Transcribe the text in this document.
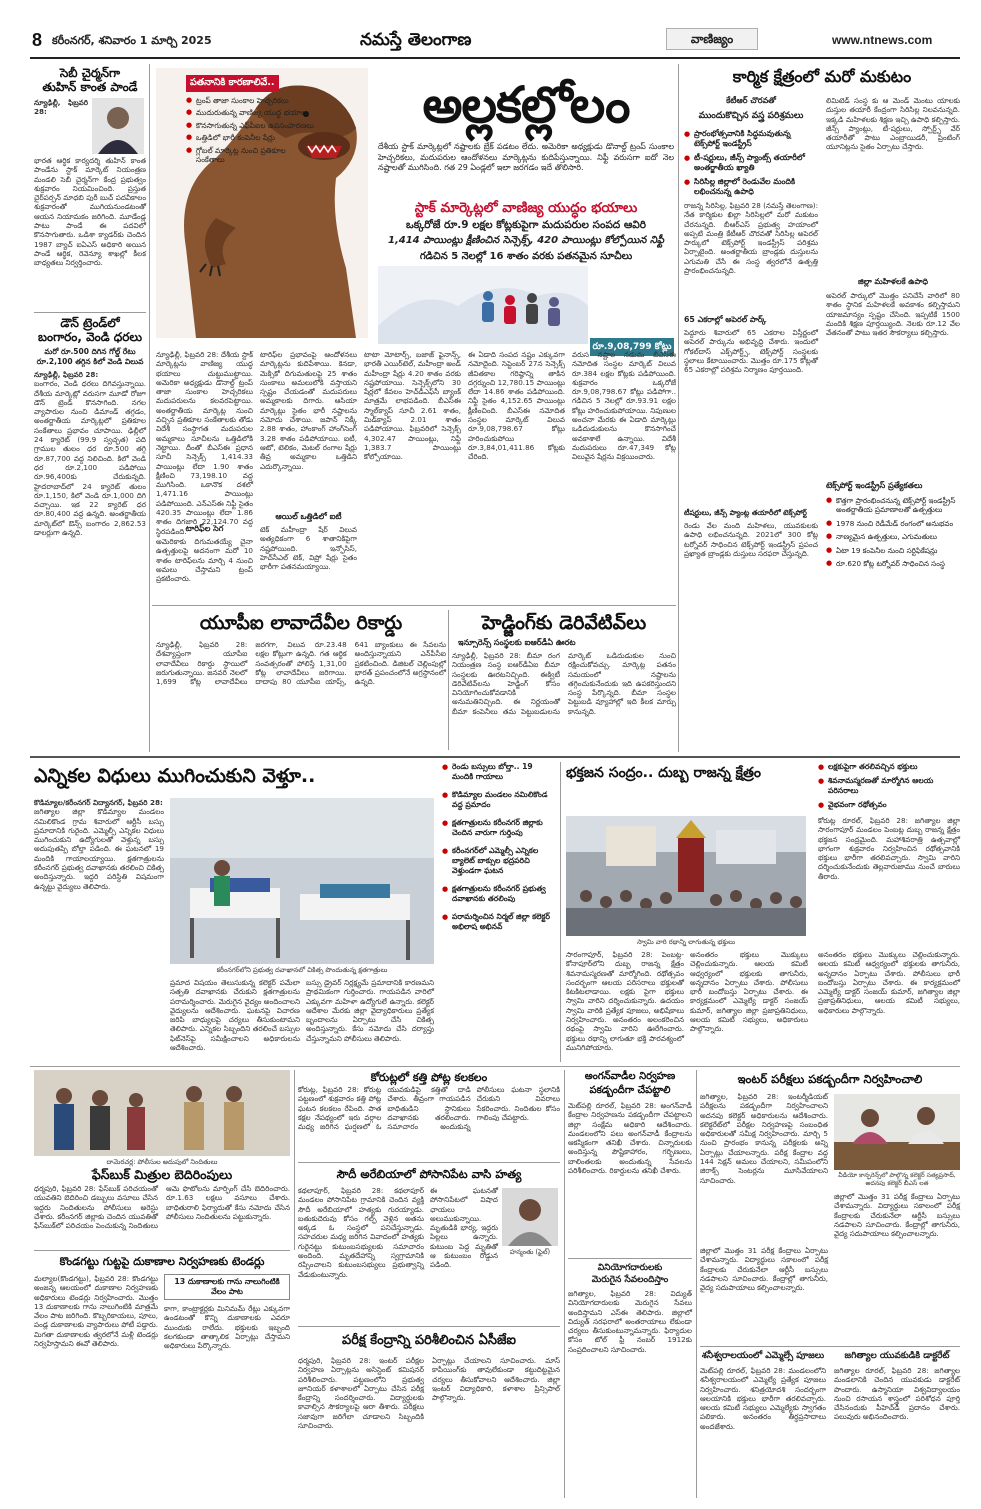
8 కరీంనగర్, శనివారం 1 మార్చి 2025	నమస్తే తెలంగాణ	వాణిజ్యం	www.ntnews.com
సెబీ చైర్మన్‌గా
తుహిన్ కాంత పాండే
న్యూఢిల్లీ, ఫిబ్రవరి 28:
భారత ఆర్థిక కార్యదర్శి తుహిన్ కాంత పాండేను స్టాక్ మార్కెట్ నియంత్రణ మండలి సెబీ చైర్మన్‌గా కేంద్ర ప్రభుత్వం శుక్రవారం నియమించింది. ప్రస్తుత చైర్‌పర్సన్ మాధబి పురీ బుచ్ పదవీకాలం శుక్రవారంతో ముగియనుండటంతో ఆయన నియామకం జరిగింది. మూడేండ్ల పాటు పాండే ఈ పదవిలో కొనసాగుతారు. ఒడిశా క్యాడర్‌కు చెందిన 1987 బ్యాచ్ ఐఏఎస్ అధికారి అయిన పాండే ఆర్థిక, రెవెన్యూ శాఖల్లో కీలక బాధ్యతలు నిర్వర్తించారు.
డౌన్ ట్రెండ్‌లో
బంగారం, వెండి ధరలు
మరో రూ.500 దిగిన గోల్డ్ రేటు
రూ.2,100 తగ్గిన కిలో వెండి విలువ
న్యూఢిల్లీ, ఫిబ్రవరి 28:
బంగారం, వెండి ధరలు దిగివస్తున్నాయి. దేశీయ మార్కెట్లో వరుసగా మూడో రోజూ డౌన్ ట్రెండ్ కొనసాగింది. నగల వ్యాపారుల నుంచి డిమాండ్ తగ్గడం, అంతర్జాతీయ మార్కెట్లలో ప్రతికూల సంకేతాలు ప్రభావం చూపాయి. ఢిల్లీలో 24 క్యారెట్ (99.9 స్వచ్ఛత) పది గ్రాముల తులం ధర రూ.500 తగ్గి రూ.87,700 వద్ద నిలిచింది. కిలో వెండి ధర రూ.2,100 పడిపోయి రూ.96,400కు చేరుకున్నది. హైదరాబాద్‌లో 24 క్యారెట్ తులం రూ.1,150, కిలో వెండి రూ.1,000 దిగి వచ్చాయి. ఇక 22 క్యారెట్ ధర రూ.80,400 వద్ద ఉన్నది. అంతర్జాతీయ మార్కెట్‌లో ఔన్స్ బంగారం 2,862.53 డాలర్లుగా ఉన్నది.
పతనానికి కారణాలివే..
● ట్రంప్ తాజా సుంకాల హెచ్చరికలు
● ముదురుతున్న వాణిజ్య యుద్ధ భయాలు
● కొనసాగుతున్న ఎఫ్‌పీఐల ఉపసంహరణలు
● ఒత్తిడిలో భారీ కంపెనీల షేర్లు
● గ్లోబల్ మార్కెట్ల నుంచి ప్రతికూల సంకేతాలు
అల్లకల్లోలం
దేశీయ స్టాక్ మార్కెట్లలో నష్టాలకు బ్రేక్ పడటం లేదు. అమెరికా అధ్యక్షుడు డొనాల్డ్ ట్రంప్ సుంకాల హెచ్చరికలు, మదుపరుల ఆందోళనలు మార్కెట్లను కుదిపేస్తున్నాయి. నిఫ్టీ వరుసగా ఐదో నెల నష్టాలతో ముగిసింది. గత 29 ఏండ్లలో ఇలా జరగడం ఇదే తొలిసారి.
స్టాక్ మార్కెట్లలో వాణిజ్య యుద్ధం భయాలు
ఒక్కరోజే రూ.9 లక్షల కోట్లకుపైగా మదుపరుల సంపద ఆవిరి
1,414 పాయింట్లు క్షీణించిన సెన్సెక్స్, 420 పాయింట్లు కోల్పోయిన నిఫ్టీ
గడిచిన 5 నెలల్లో 16 శాతం వరకు పతనమైన సూచీలు
రూ.9,08,799 కోట్లు
న్యూఢిల్లీ, ఫిబ్రవరి 28: దేశీయ స్టాక్ మార్కెట్లను వాణిజ్య యుద్ధ భయాలు చుట్టుముట్టాయి. అమెరికా అధ్యక్షుడు డొనాల్డ్ ట్రంప్ తాజా సుంకాల హెచ్చరికలు మదుపరులను కలవరపెట్టాయి. అంతర్జాతీయ మార్కెట్ల నుంచి వచ్చిన ప్రతికూల సంకేతాలకు తోడు విదేశీ సంస్థాగత మదుపరుల అమ్మకాలు సూచీలను ఒత్తిడిలోకి నెట్టాయి. దీంతో బీఎస్‌ఈ ప్రధాన సూచీ సెన్సెక్స్ 1,414.33 పాయింట్లు లేదా 1.90 శాతం క్షీణించి 73,198.10 వద్ద ముగిసింది. ఒకానొక దశలో 1,471.16 పాయింట్లు పడిపోయింది. ఎన్‌ఎస్‌ఈ నిఫ్టీ సైతం 420.35 పాయింట్లు లేదా 1.86 శాతం దిగజారి 22,124.70 వద్ద స్థిరపడింది.
టారిఫ్‌ల సెగ
అమెరికాకు దిగుమతయ్యే చైనా ఉత్పత్తులపై అదనంగా మరో 10 శాతం టారిఫ్‌లను మార్చి 4 నుంచి అమలు చేస్తామని ట్రంప్ ప్రకటించారు.
టారిఫ్‌ల ప్రభావంపై ఆందోళనలు మార్కెట్లను కుదిపేశాయి. కెనడా, మెక్సికో దిగుమతులపై 25 శాతం సుంకాలు అమలులోకి వస్తాయని స్పష్టం చేయడంతో మదుపరులు అమ్మకాలకు దిగారు. ఆసియా మార్కెట్లు సైతం భారీ నష్టాలను నమోదు చేశాయి. జపాన్ నిక్కీ 2.88 శాతం, హాంకాంగ్ హాంగ్‌సెంగ్ 3.28 శాతం పడిపోయాయి. ఐటీ, ఆటో, టెలికం, మెటల్ రంగాల షేర్లు తీవ్ర అమ్మకాల ఒత్తిడిని ఎదుర్కొన్నాయి.
ఆయిల్ ఒత్తిడిలో ఐటీ
టెక్ మహీంద్రా షేర్ విలువ అత్యధికంగా 6 శాతానికిపైగా నష్టపోయింది. ఇన్ఫోసిస్, హెచ్‌సీఎల్ టెక్, విప్రో షేర్లు సైతం భారీగా పతనమయ్యాయి.
టాటా మోటార్స్, బజాజ్ ఫైనాన్స్, భారతీ ఎయిర్‌టెల్, మహీంద్రా అండ్ మహీంద్రా షేర్లు 4.20 శాతం వరకు నష్టపోయాయి. సెన్సెక్స్‌లోని 30 షేర్లలో కేవలం హెచ్‌డీఎఫ్‌సీ బ్యాంక్ మాత్రమే లాభపడింది. బీఎస్‌ఈ స్మాల్‌క్యాప్ సూచీ 2.61 శాతం, మిడ్‌క్యాప్ 2.01 శాతం పడిపోయాయి. ఫిబ్రవరిలో సెన్సెక్స్ 4,302.47 పాయింట్లు, నిఫ్టీ 1,383.7 పాయింట్లు కోల్పోయాయి.
ఈ ఏడాది సంపద నష్టం ఎక్కువగా నమోదైంది. సెప్టెంబర్ 27న సెన్సెక్స్ జీవితకాల గరిష్ఠాన్ని తాకిన దగ్గర్నుంచి 12,780.15 పాయింట్లు లేదా 14.86 శాతం పడిపోయింది. నిఫ్టీ సైతం 4,152.65 పాయింట్లు క్షీణించింది. బీఎస్‌ఈ నమోదిత సంస్థల మార్కెట్ విలువ రూ.9,08,798.67 కోట్లు హరించుకుపోయి రూ.3,84,01,411.86 కోట్లకు చేరింది.
వరుస నష్టాల నడుమ బీఎస్‌ఈ నమోదిత సంస్థల మార్కెట్ విలువ రూ.384 లక్షల కోట్లకు పడిపోయింది. శుక్రవారం ఒక్కరోజే రూ.9,08,798.67 కోట్లు పడిపోగా.. గడిచిన 5 నెలల్లో రూ.93.91 లక్షల కోట్లు హరించుకుపోయాయి. నిపుణుల అంచనా మేరకు ఈ ఏడాది మార్కెట్లు ఒడిదుడుకులను కొనసాగించే అవకాశాలే ఉన్నాయి. విదేశీ మదుపరులు రూ.47,349 కోట్ల విలువైన షేర్లను విక్రయించారు.
యూపీఐ లావాదేవీల రికార్డు
న్యూఢిల్లీ, ఫిబ్రవరి 28: దేశవ్యాప్తంగా యూపీఐ లావాదేవీలు రికార్డు స్థాయిలో జరుగుతున్నాయి. జనవరి నెలలో 1,699 కోట్ల లావాదేవీలు జరగగా, విలువ రూ.23.48 లక్షల కోట్లుగా ఉన్నది. గత ఆర్థిక సంవత్సరంతో పోలిస్తే 1,31,00 కోట్ల లావాదేవీలు జరిగాయి. దాదాపు 80 యూపీఐ యాప్స్, 641 బ్యాంకులు ఈ సేవలను అందిస్తున్నాయని ఎన్‌పీసీఐ ప్రకటించింది. డిజిటల్ చెల్లింపుల్లో భారత్ ప్రపంచంలోనే అగ్రస్థానంలో ఉన్నది.
హెడ్జింగ్‌కు డెరివేటివ్‌లు
ఇన్సూరెన్స్ సంస్థలకు ఐఆర్‌డీఏ ఊరట
న్యూఢిల్లీ, ఫిబ్రవరి 28: బీమా రంగ నియంత్రణ సంస్థ ఐఆర్‌డీఏఐ బీమా సంస్థలకు ఊరటనిచ్చింది. ఈక్విటీ డెరివేటివ్‌లను హెడ్జింగ్ కోసం వినియోగించుకోవడానికి అనుమతినిచ్చింది. ఈ నిర్ణయంతో బీమా కంపెనీలు తమ పెట్టుబడులను మార్కెట్ ఒడిదుడుకుల నుంచి రక్షించుకోవచ్చు. మార్కెట్ల పతనం సమయంలో నష్టాలను తగ్గించుకునేందుకు ఇది ఉపకరిస్తుందని సంస్థ పేర్కొన్నది. బీమా సంస్థల పెట్టుబడి వ్యూహాల్లో ఇది కీలక మార్పు కానున్నది.
కార్మిక క్షేత్రంలో మరో మకుటం
కేటీఆర్ చొరవతో
ముందుకొచ్చిన వస్త్ర పరిశ్రమలు
● ప్రారంభోత్సవానికి సిద్ధమవుతున్న టెక్స్‌పోర్ట్ ఇండస్ట్రీస్
● టీ-షర్టులు, జీన్స్ ప్యాంట్స్ తయారీలో అంతర్జాతీయ ఖ్యాతి
● సిరిసిల్ల జిల్లాలో రెండువేల మందికి లభించనున్న ఉపాధి
రాజన్న సిరిసిల్ల, ఫిబ్రవరి 28 (నమస్తే తెలంగాణ): నేత కార్మికుల ఖిల్లా సిరిసిల్లలో మరో మకుటం చేరనున్నది. బీఆర్‌ఎస్ ప్రభుత్వ హయాంలో అప్పటి మంత్రి కేటీఆర్ చొరవతో సిరిసిల్ల అపెరల్ పార్కులో టెక్స్‌పోర్ట్ ఇండస్ట్రీస్ పరిశ్రమ ఏర్పాటైంది. అంతర్జాతీయ బ్రాండ్లకు దుస్తులను ఎగుమతి చేసే ఈ సంస్థ త్వరలోనే ఉత్పత్తి ప్రారంభించనున్నది.
65 ఎకరాల్లో అపెరల్ పార్క్
పెద్దూరు శివారులో 65 ఎకరాల విస్తీర్ణంలో అపెరల్ పార్కును అభివృద్ధి చేశారు. ఇందులో గోకల్‌దాస్ ఎక్స్‌పోర్ట్స్, టెక్స్‌పోర్ట్ సంస్థలకు స్థలాలు కేటాయించారు. మొత్తం రూ.175 కోట్లతో 65 ఎకరాల్లో పరిశ్రమ నిర్మాణం పూర్తయింది.
టీషర్టులు, జీన్స్ ప్యాంట్ల తయారీలో టెక్స్‌పోర్ట్
రెండు వేల మంది మహిళలు, యువకులకు ఉపాధి లభించనున్నది. 2021లో 300 కోట్ల టర్నోవర్ సాధించిన టెక్స్‌పోర్ట్ ఇండస్ట్రీస్ ప్రపంచ ప్రఖ్యాత బ్రాండ్లకు దుస్తులు సరఫరా చేస్తున్నది.
లిమిటెడ్ సంస్థ కు ఆ మెండ్ మెంటు యాలకు దుస్తుల తయారీ కేంద్రంగా సిరిసిల్ల నిలవనున్నది. ఇక్కడి మహిళలకు శిక్షణ ఇచ్చి ఉపాధి కల్పిస్తారు. జీన్స్ ప్యాంట్లు, టీ-షర్టులు, స్పోర్ట్స్ వేర్ తయారీతో పాటు ఎంబ్రాయిడరీ, ప్రింటింగ్ యూనిట్లను సైతం ఏర్పాటు చేస్తారు.
జిల్లా మహిళలకే ఉపాధి
అపెరల్ పార్కులో మొత్తం పనిచేసే వారిలో 80 శాతం స్థానిక మహిళలకే అవకాశం కల్పిస్తామని యాజమాన్యం స్పష్టం చేసింది. ఇప్పటికే 1500 మందికి శిక్షణ పూర్తయ్యింది. నెలకు రూ.12 వేల వేతనంతో పాటు ఇతర సౌకర్యాలు కల్పిస్తారు.
టెక్స్‌పోర్ట్ ఇండస్ట్రీస్ ప్రత్యేకతలు
● కొత్తగా ప్రారంభించనున్న టెక్స్‌పోర్ట్ ఇండస్ట్రీస్ అంతర్జాతీయ ప్రమాణాలతో ఉత్పత్తులు
● 1978 నుంచి రెడీమేడ్ రంగంలో అనుభవం
● నాణ్యమైన ఉత్పత్తులు, ఎగుమతులు
● ఏటా 19 కంపెనీల నుంచి సర్టిఫికేషన్లు
● రూ.620 కోట్ల టర్నోవర్ సాధించిన సంస్థ
ఎన్నికల విధులు ముగించుకుని వెళ్తూ..
కొడిమ్యాల/కరీంనగర్ విద్యానగర్, ఫిబ్రవరి 28:
జగిత్యాల జిల్లా కొడిమ్యాల మండలం నమిలికొండ గ్రామ శివారులో ఆర్టీసీ బస్సు ప్రమాదానికి గురైంది. ఎమ్మెల్సీ ఎన్నికల విధులు ముగించుకుని ఉద్యోగులతో వెళ్తున్న బస్సు అదుపుతప్పి బోల్తా పడింది. ఈ ఘటనలో 19 మందికి గాయాలయ్యాయి. క్షతగాత్రులను కరీంనగర్ ప్రభుత్వ దవాఖానకు తరలించి చికిత్స అందిస్తున్నారు. ఇద్దరి పరిస్థితి విషమంగా ఉన్నట్టు వైద్యులు తెలిపారు.
కరీంనగర్‌లోని ప్రభుత్వ దవాఖానలో చికిత్స పొందుతున్న క్షతగాత్రులు
ప్రమాద విషయం తెలుసుకున్న కలెక్టర్ పమేలా సత్పతి దవాఖానకు చేరుకుని క్షతగాత్రులను పరామర్శించారు. మెరుగైన వైద్యం అందించాలని వైద్యులను ఆదేశించారు. ఘటనపై విచారణ జరిపి బాధ్యులపై చర్యలు తీసుకుంటామని తెలిపారు. ఎన్నికల సిబ్బందిని తరలించే బస్సుల ఫిట్‌నెస్‌పై సమీక్షించాలని అధికారులను ఆదేశించారు.
బస్సు డ్రైవర్ నిర్లక్ష్యమే ప్రమాదానికి కారణమని ప్రాథమికంగా గుర్తించారు. గాయపడిన వారిలో ఎక్కువగా మహిళా ఉద్యోగులే ఉన్నారు. కలెక్టర్ ఆదేశాల మేరకు జిల్లా వైద్యాధికారులు ప్రత్యేక బృందాలను ఏర్పాటు చేసి చికిత్స అందిస్తున్నారు. కేసు నమోదు చేసి దర్యాప్తు చేస్తున్నామని పోలీసులు తెలిపారు.
● రెండు బస్సులు బోల్తా.. 19 మందికి గాయాలు
● కొడిమ్యాల మండలం నమిలికొండ వద్ద ప్రమాదం
● క్షతగాత్రులను కరీంనగర్ జిల్లాకు చెందిన వారుగా గుర్తింపు
● కరీంనగర్‌లో ఎమ్మెల్సీ ఎన్నికల బ్యాలెట్ బాక్సుల భద్రపరిచి వెళ్తుండగా ఘటన
● క్షతగాత్రులను కరీంనగర్ ప్రభుత్వ దవాఖానకు తరలింపు
● పరామర్శించిన నిర్మల్ జిల్లా కలెక్టర్ అభిలాష అభినవ్
భక్తజన సంద్రం.. దుబ్బ రాజన్న క్షేత్రం
●	లక్షకుపైగా తరలివచ్చిన భక్తులు
● శివనామస్మరణతో మార్మోగిన ఆలయ పరిసరాలు
● వైభవంగా రథోత్సవం
స్వామి వారి రథాన్ని లాగుతున్న భక్తులు
కోరుట్ల రూరల్, ఫిబ్రవరి 28: జగిత్యాల జిల్లా సారంగాపూర్ మండలం పెంబట్ల దుబ్బ రాజన్న క్షేత్రం భక్తజన సంద్రమైంది. మహాశివరాత్రి ఉత్సవాల్లో భాగంగా శుక్రవారం నిర్వహించిన రథోత్సవానికి భక్తులు భారీగా తరలివచ్చారు. స్వామి వారిని దర్శించుకునేందుకు తెల్లవారుజాము నుంచే బారులు తీరారు.
సారంగాపూర్, ఫిబ్రవరి 28: పెంబట్ల-కోనాపూర్‌లోని దుబ్బ రాజన్న క్షేత్రం శివనామస్మరణతో మార్మోగింది. రథోత్సవం సందర్భంగా ఆలయ పరిసరాలు భక్తులతో కిటకిటలాడాయి. లక్షకు పైగా భక్తులు స్వామి వారిని దర్శించుకున్నారు. ఉదయం స్వామి వారికి ప్రత్యేక పూజలు, అభిషేకాలు నిర్వహించారు. అనంతరం అలంకరించిన రథంపై స్వామి వారిని ఊరేగించారు. భక్తులు రథాన్ని లాగుతూ భక్తి పారవశ్యంలో మునిగిపోయారు.
అనంతరం భక్తులు మొక్కులు చెల్లించుకున్నారు. ఆలయ కమిటీ ఆధ్వర్యంలో భక్తులకు తాగునీరు, అన్నదానం ఏర్పాటు చేశారు. పోలీసులు భారీ బందోబస్తు ఏర్పాటు చేశారు. ఈ కార్యక్రమంలో ఎమ్మెల్యే డాక్టర్ సంజయ్ కుమార్, జగిత్యాల జిల్లా ప్రజాప్రతినిధులు, ఆలయ కమిటీ సభ్యులు, అధికారులు పాల్గొన్నారు.
అనంతరం భక్తులు మొక్కులు చెల్లించుకున్నారు. ఆలయ కమిటీ ఆధ్వర్యంలో భక్తులకు తాగునీరు, అన్నదానం ఏర్పాటు చేశారు. పోలీసులు భారీ బందోబస్తు ఏర్పాటు చేశారు. ఈ కార్యక్రమంలో ఎమ్మెల్యే డాక్టర్ సంజయ్ కుమార్, జగిత్యాల జిల్లా ప్రజాప్రతినిధులు, ఆలయ కమిటీ సభ్యులు, అధికారులు పాల్గొన్నారు.
దామెరచర్ల: పోలీసుల అదుపులో నిందితులు
ఫేస్‌బుక్ మిత్రుల బెదిరింపులు
ధర్మపురి, ఫిబ్రవరి 28: ఫేస్‌బుక్ పరిచయంతో యువతిని బెదిరించి డబ్బులు వసూలు చేసిన ఇద్దరు నిందితులను పోలీసులు అరెస్టు చేశారు. కరీంనగర్ జిల్లాకు చెందిన యువతితో ఫేస్‌బుక్‌లో పరిచయం పెంచుకున్న నిందితులు ఆమె ఫొటోలను మార్ఫింగ్ చేసి బెదిరించారు. రూ.1.63 లక్షలు వసూలు చేశారు. బాధితురాలి ఫిర్యాదుతో కేసు నమోదు చేసిన పోలీసులు నిందితులను పట్టుకున్నారు.
కోరుట్లలో కత్తి పోట్ల కలకలం
కోరుట్ల, ఫిబ్రవరి 28: కోరుట్ల పట్టణంలో శుక్రవారం కత్తి పోట్ల ఘటన కలకలం రేపింది. పాత కక్షల నేపథ్యంలో ఇరు వర్గాల మధ్య జరిగిన ఘర్షణలో ఓ యువకుడిపై కత్తితో దాడి చేశారు. తీవ్రంగా గాయపడిన బాధితుడిని స్థానికులు దవాఖానకు తరలించారు. సమాచారం అందుకున్న పోలీసులు ఘటనా స్థలానికి చేరుకుని వివరాలు సేకరించారు. నిందితుల కోసం గాలింపు చేపట్టారు.
సౌదీ అరేబియాలో పోసానిపేట వాసి హత్య
కథలాపూర్, ఫిబ్రవరి 28: కథలాపూర్ మండలం పోసానిపేట గ్రామానికి చెందిన వ్యక్తి సౌదీ అరేబియాలో హత్యకు గురయ్యాడు. బతుకుదెరువు కోసం గల్ఫ్ వెళ్లిన అతను అక్కడ ఓ సంస్థలో పనిచేస్తున్నాడు. సహచరుల మధ్య జరిగిన వివాదంలో హత్యకు గురైనట్టు కుటుంబసభ్యులకు సమాచారం అందింది. మృతదేహాన్ని స్వగ్రామానికి రప్పించాలని కుటుంబసభ్యులు ప్రభుత్వాన్ని వేడుకుంటున్నారు.
ఈ ఘటనతో పోసానిపేటలో విషాద ఛాయలు అలుముకున్నాయి. మృతుడికి భార్య, ఇద్దరు పిల్లలు ఉన్నారు. కుటుంబ పెద్ద మృతితో ఆ కుటుంబం రోడ్డున పడింది.
హన్మంతు (ఫైల్)
కొండగట్టు గుట్టపై దుకాణాల నిర్వహణకు టెండర్లు
మల్యాల(కొండగట్టు), ఫిబ్రవరి 28: కొండగట్టు అంజన్న ఆలయంలో దుకాణాల నిర్వహణకు అధికారులు టెండర్లు నిర్వహించారు. మొత్తం 13 దుకాణాలకు గాను నాలుగింటికి మాత్రమే వేలం పాట జరిగింది. కొబ్బరికాయలు, పూలు, పండ్ల దుకాణాలకు వ్యాపారులు పోటీ పడ్డారు. మిగతా దుకాణాలకు త్వరలోనే మళ్లీ టెండర్లు నిర్వహిస్తామని ఈవో తెలిపారు.
13 దుకాణాలకు గాను నాలుగింటికి వేలం పాట
కాగా, కాంట్రాక్టర్లకు మినిమమ్ రేట్లు ఎక్కువగా ఉండటంతో కొన్ని దుకాణాలకు ఎవరూ ముందుకు రాలేదు. భక్తులకు ఇబ్బంది కలగకుండా తాత్కాలిక ఏర్పాట్లు చేస్తామని అధికారులు పేర్కొన్నారు.	పరీక్ష కేంద్రాన్ని పరిశీలించిన ఏసీజేఐ
ధర్మపురి, ఫిబ్రవరి 28: ఇంటర్ పరీక్షల నిర్వహణ ఏర్పాట్లను అసిస్టెంట్ కమిషనర్ పరిశీలించారు. పట్టణంలోని ప్రభుత్వ జూనియర్ కళాశాలలో ఏర్పాటు చేసిన పరీక్ష కేంద్రాన్ని సందర్శించారు. విద్యార్థులకు కావాల్సిన సౌకర్యాలపై ఆరా తీశారు. పరీక్షలు సజావుగా జరిగేలా చూడాలని సిబ్బందికి సూచించారు.
ఏర్పాట్లు చేయాలని సూచించారు. మాస్ కాపీయింగ్‌కు తావులేకుండా కట్టుదిట్టమైన చర్యలు తీసుకోవాలని ఆదేశించారు. జిల్లా ఇంటర్ విద్యాధికారి, కళాశాల ప్రిన్సిపాల్ పాల్గొన్నారు.
అంగన్‌వాడీల నిర్వహణ
పకడ్బందీగా చేపట్టాలి
మెట్‌పల్లి రూరల్, ఫిబ్రవరి 28: అంగన్‌వాడీ కేంద్రాల నిర్వహణను పకడ్బందీగా చేపట్టాలని జిల్లా సంక్షేమ అధికారి ఆదేశించారు. మండలంలోని పలు అంగన్‌వాడీ కేంద్రాలను ఆకస్మికంగా తనిఖీ చేశారు. చిన్నారులకు అందిస్తున్న పౌష్టికాహారం, గర్భిణులు, బాలింతలకు అందుతున్న సేవలను పరిశీలించారు. రికార్డులను తనిఖీ చేశారు.
వినియోగదారులకు
మెరుగైన సేవలందిస్తాం
జగిత్యాల, ఫిబ్రవరి 28: విద్యుత్ వినియోగదారులకు మెరుగైన సేవలు అందిస్తామని ఎస్ఈ తెలిపారు. జిల్లాలో విద్యుత్ సరఫరాలో అంతరాయాలు లేకుండా చర్యలు తీసుకుంటున్నామన్నారు. ఫిర్యాదుల కోసం టోల్ ఫ్రీ నంబర్ 1912కు సంప్రదించాలని సూచించారు.
ఇంటర్ పరీక్షలు పకడ్బందీగా నిర్వహించాలి
జగిత్యాల, ఫిబ్రవరి 28: ఇంటర్మీడియట్ పరీక్షలను పకడ్బందీగా నిర్వహించాలని అదనపు కలెక్టర్ అధికారులను ఆదేశించారు. కలెక్టరేట్‌లో పరీక్షల నిర్వహణపై సంబంధిత అధికారులతో సమీక్ష నిర్వహించారు. మార్చి 5 నుంచి ప్రారంభం కానున్న పరీక్షలకు అన్ని ఏర్పాట్లు చేయాలన్నారు. పరీక్ష కేంద్రాల వద్ద 144 సెక్షన్ అమలు చేయాలని, సమీపంలోని జిరాక్స్ సెంటర్లను మూసివేయాలని సూచించారు.
వీడియో కాన్ఫరెన్స్‌లో పాల్గొన్న కలెక్టర్ సత్యప్రసాద్, అదనపు కలెక్టర్ బీఎస్ లత
జిల్లాలో మొత్తం 31 పరీక్ష కేంద్రాలు ఏర్పాటు చేశామన్నారు. విద్యార్థులు సకాలంలో పరీక్ష కేంద్రాలకు చేరుకునేలా ఆర్టీసీ బస్సులు నడపాలని సూచించారు. కేంద్రాల్లో తాగునీరు, వైద్య సదుపాయాలు కల్పించాలన్నారు.
జిల్లాలో మొత్తం 31 పరీక్ష కేంద్రాలు ఏర్పాటు చేశామన్నారు. విద్యార్థులు సకాలంలో పరీక్ష కేంద్రాలకు చేరుకునేలా ఆర్టీసీ బస్సులు నడపాలని సూచించారు. కేంద్రాల్లో తాగునీరు, వైద్య సదుపాయాలు కల్పించాలన్నారు.
శనీశ్వరాలయంలో ఎమ్మెల్సే పూజలు
మెట్‌పల్లి రూరల్, ఫిబ్రవరి 28: మండలంలోని శనీశ్వరాలయంలో ఎమ్మెల్యే ప్రత్యేక పూజలు నిర్వహించారు. శనిత్రయోదశి సందర్భంగా ఆలయానికి భక్తులు భారీగా తరలివచ్చారు. ఆలయ కమిటీ సభ్యులు ఎమ్మెల్యేకు స్వాగతం పలికారు. అనంతరం తీర్థప్రసాదాలు అందజేశారు.
జగిత్యాల యువకుడికి డాక్టరేట్
జగిత్యాల రూరల్, ఫిబ్రవరి 28: జగిత్యాల మండలానికి చెందిన యువకుడు డాక్టరేట్ పొందారు. ఉస్మానియా విశ్వవిద్యాలయం నుంచి రసాయన శాస్త్రంలో పరిశోధన పూర్తి చేసినందుకు పీహెచ్‌డీ ప్రదానం చేశారు. పలువురు అభినందించారు.
